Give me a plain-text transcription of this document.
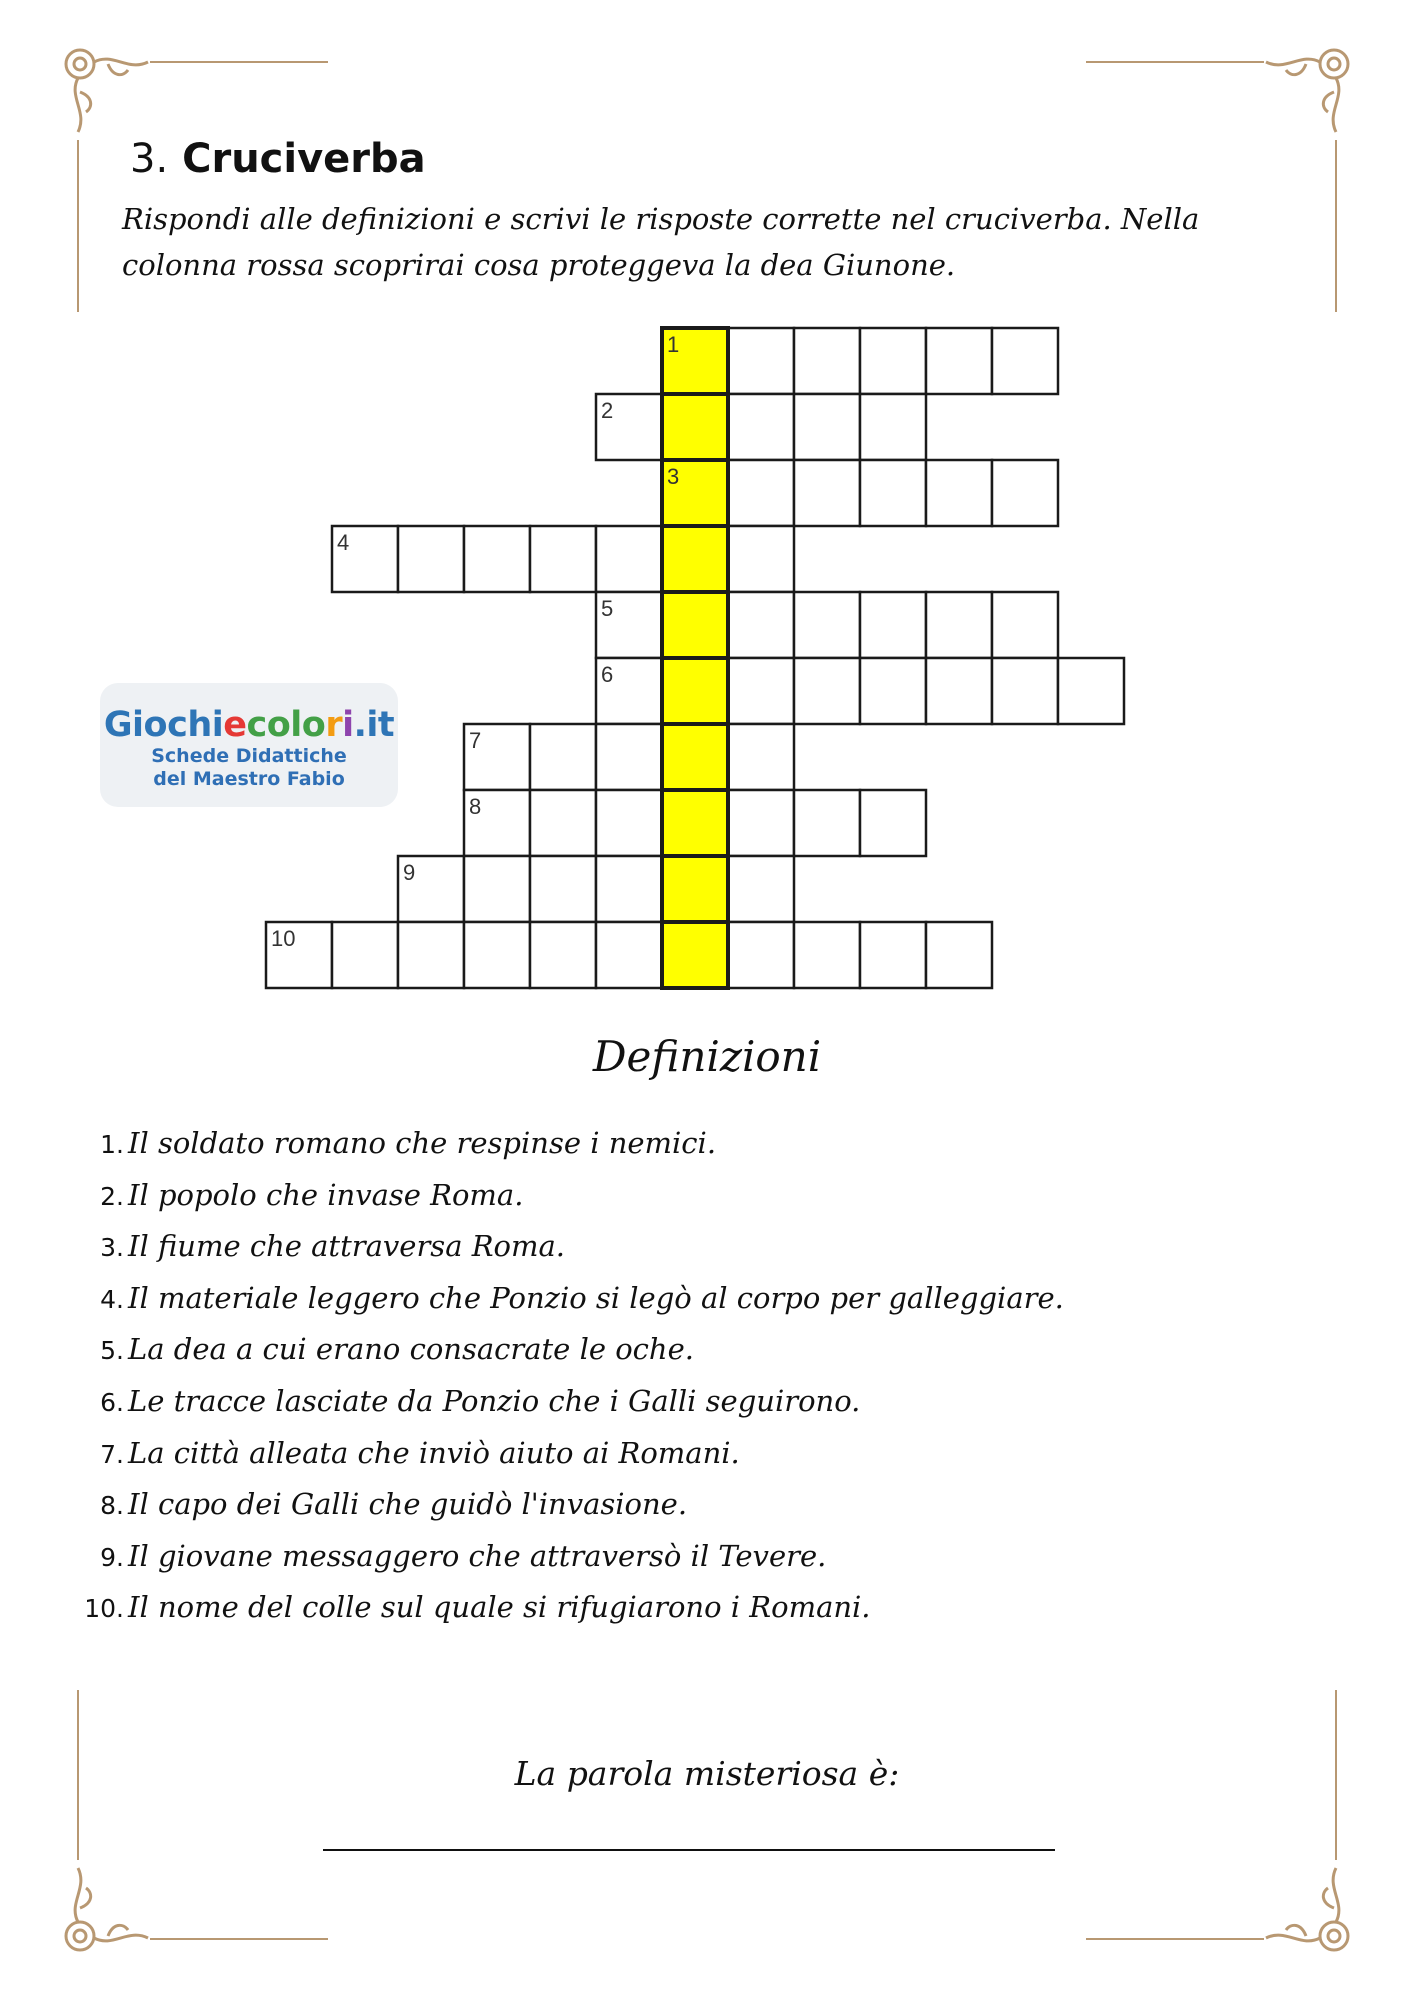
3. Cruciverba

Rispondi alle definizioni e scrivi le risposte corrette nel cruciverba. Nella colonna rossa scoprirai cosa proteggeva la dea Giunone.

1
2
3
4
5
6
7
8
9
10
Giochiecolori.it
Schede Didattiche
del Maestro Fabio
Definizioni
1. Il soldato romano che respinse i nemici.
2. Il popolo che invase Roma.
3. Il fiume che attraversa Roma.
4. Il materiale leggero che Ponzio si legò al corpo per galleggiare.
5. La dea a cui erano consacrate le oche.
6. Le tracce lasciate da Ponzio che i Galli seguirono.
7. La città alleata che inviò aiuto ai Romani.
8. Il capo dei Galli che guidò l'invasione.
9. Il giovane messaggero che attraversò il Tevere.
10. Il nome del colle sul quale si rifugiarono i Romani.

La parola misteriosa è:
